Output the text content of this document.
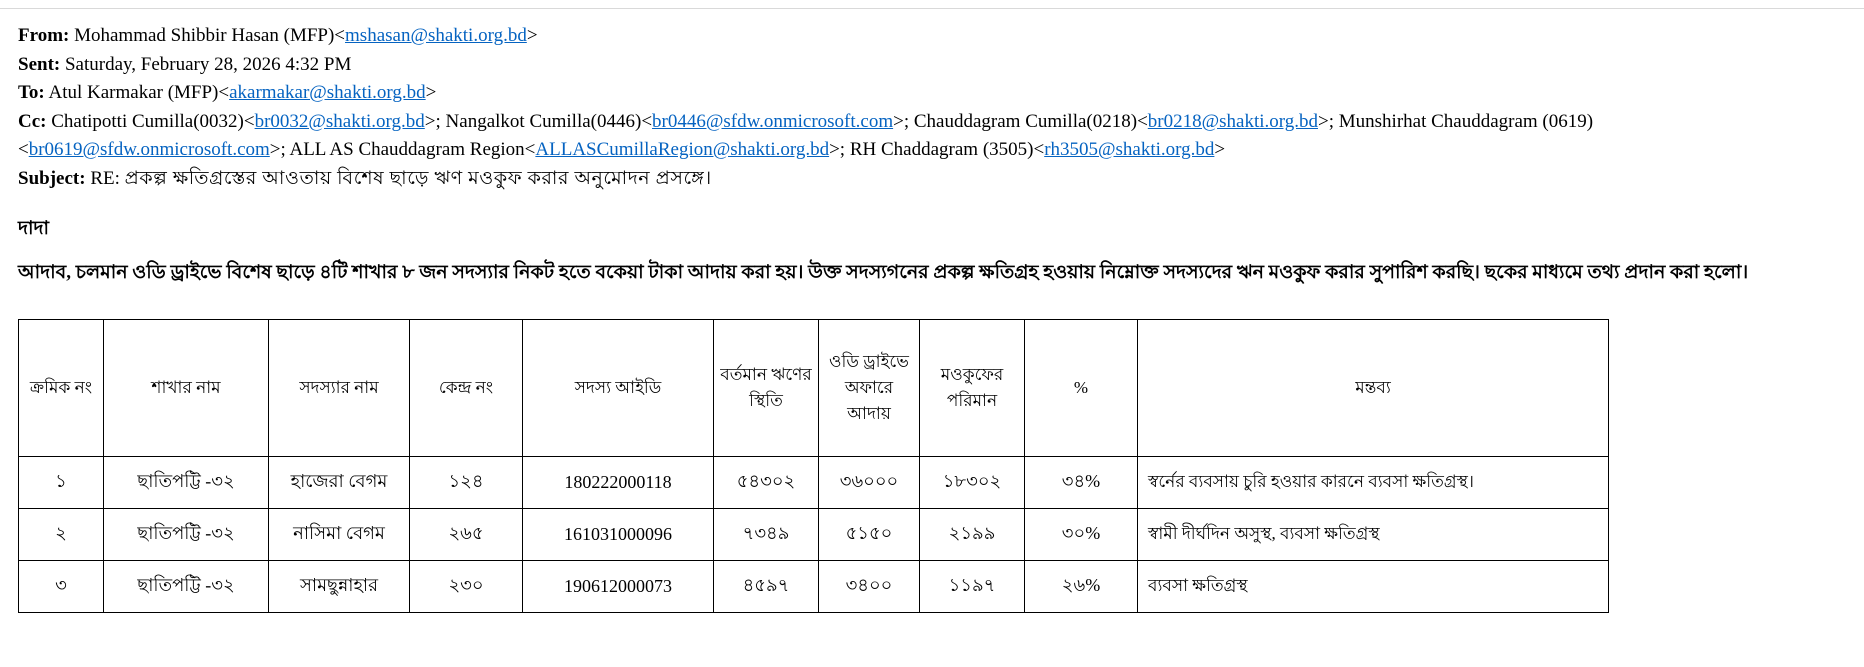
From: Mohammad Shibbir Hasan (MFP)<mshasan@shakti.org.bd>
Sent: Saturday, February 28, 2026 4:32 PM
To: Atul Karmakar (MFP)<akarmakar@shakti.org.bd>
Cc: Chatipotti Cumilla(0032)<br0032@shakti.org.bd>; Nangalkot Cumilla(0446)<br0446@sfdw.onmicrosoft.com>; Chauddagram Cumilla(0218)<br0218@shakti.org.bd>; Munshirhat Chauddagram (0619) <br0619@sfdw.onmicrosoft.com>; ALL AS Chauddagram Region<ALLASCumillaRegion@shakti.org.bd>; RH Chaddagram (3505)<rh3505@shakti.org.bd>
Subject: RE: প্রকল্প ক্ষতিগ্রস্তের আওতায় বিশেষ ছাড়ে ঋণ মওকুফ করার অনুমোদন প্রসঙ্গে।
দাদা
আদাব, চলমান ওডি ড্রাইভে বিশেষ ছাড়ে ৪টি শাখার ৮ জন সদস্যার নিকট হতে বকেয়া টাকা আদায় করা হয়। উক্ত সদস্যগনের প্রকল্প ক্ষতিগ্রহ হওয়ায় নিম্নোক্ত সদস্যদের ঋন মওকুফ করার সুপারিশ করছি। ছকের মাধ্যমে তথ্য প্রদান করা হলো।
ক্রমিক নং	শাখার নাম	সদস্যার নাম	কেন্দ্র নং	সদস্য আইডি	বর্তমান ঋণের স্থিতি	ওডি ড্রাইভে অফারে আদায়	মওকুফের পরিমান	%	মন্তব্য
১	ছাতিপট্টি -৩২	হাজেরা বেগম	১২৪	180222000118	৫৪৩০২	৩৬০০০	১৮৩০২	৩৪%	স্বর্নের ব্যবসায় চুরি হওয়ার কারনে ব্যবসা ক্ষতিগ্রস্থ।
২	ছাতিপট্টি -৩২	নাসিমা বেগম	২৬৫	161031000096	৭৩৪৯	৫১৫০	২১৯৯	৩০%	স্বামী দীর্ঘদিন অসুস্থ, ব্যবসা ক্ষতিগ্রস্থ
৩	ছাতিপট্টি -৩২	সামছুন্নাহার	২৩০	190612000073	৪৫৯৭	৩৪০০	১১৯৭	২৬%	ব্যবসা ক্ষতিগ্রস্থ
